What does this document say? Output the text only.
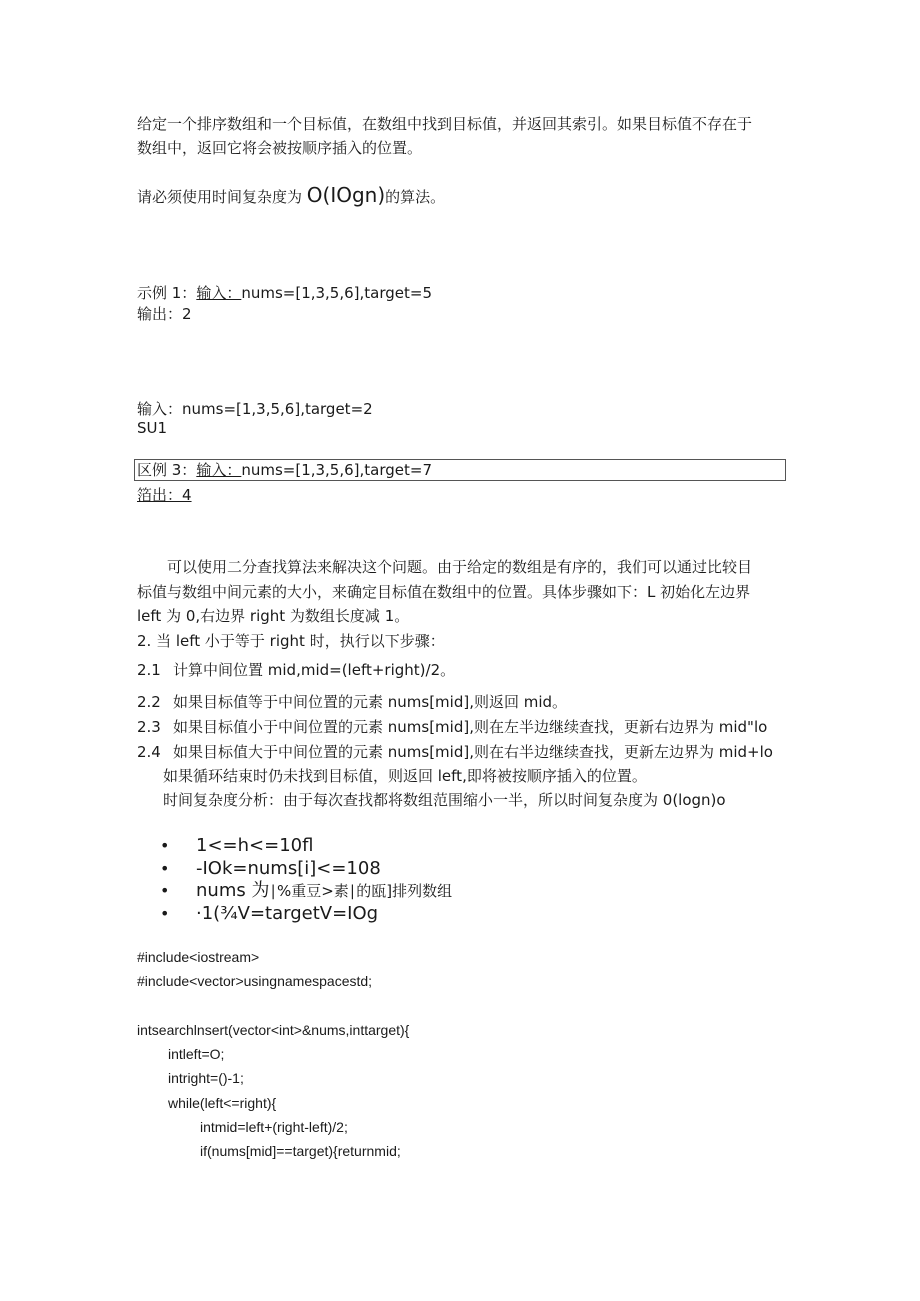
给定一个排序数组和一个目标值，在数组中找到目标值，并返回其索引。如果目标值不存在于
数组中，返回它将会被按顺序插入的位置。
请必须使用时间复杂度为 O(IOgn)的算法。
示例 1：输入：nums=[1,3,5,6],target=5
输出：2
输入：nums=[1,3,5,6],target=2
SU1
区例 3：输入：nums=[1,3,5,6],target=7
箔出：4
可以使用二分查找算法来解决这个问题。由于给定的数组是有序的，我们可以通过比较目
标值与数组中间元素的大小，来确定目标值在数组中的位置。具体步骤如下：L 初始化左边界
left 为 0,右边界 right 为数组长度减 1。
2. 当 left 小于等于 right 时，执行以下步骤：
2.1 计算中间位置 mid,mid=(left+right)/2。
2.2 如果目标值等于中间位置的元素 nums[mid],则返回 mid。
2.3 如果目标值小于中间位置的元素 nums[mid],则在左半边继续查找，更新右边界为 mid"lo
2.4 如果目标值大于中间位置的元素 nums[mid],则在右半边继续查找，更新左边界为 mid+lo
如果循环结束时仍未找到目标值，则返回 left,即将被按顺序插入的位置。
时间复杂度分析：由于每次查找都将数组范围缩小一半，所以时间复杂度为 0(logn)o
• 1<=h<=10fl
• -IOk=nums[i]<=108
• nums 为∣%重豆>素∣的瓯]排列数组
• ·1(¾V=targetV=IOg
#include<iostream>
#include<vector>usingnamespacestd;
intsearchlnsert(vector<int>&nums,inttarget){
intleft=O;
intright=()-1;
while(left<=right){
intmid=left+(right-left)/2;
if(nums[mid]==target){returnmid;
